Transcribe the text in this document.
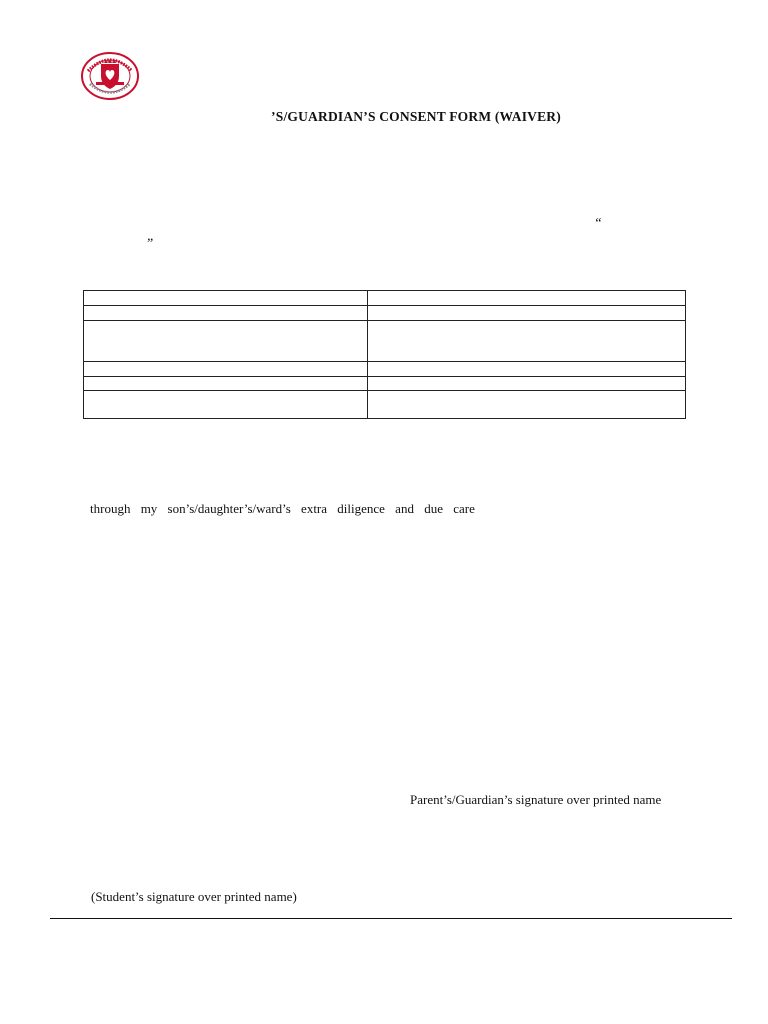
’S/GUARDIAN’S CONSENT FORM (WAIVER)
“
„

through my son’s/daughter’s/ward’s extra diligence and due care
Parent’s/Guardian’s signature over printed name
(Student’s signature over printed name)
